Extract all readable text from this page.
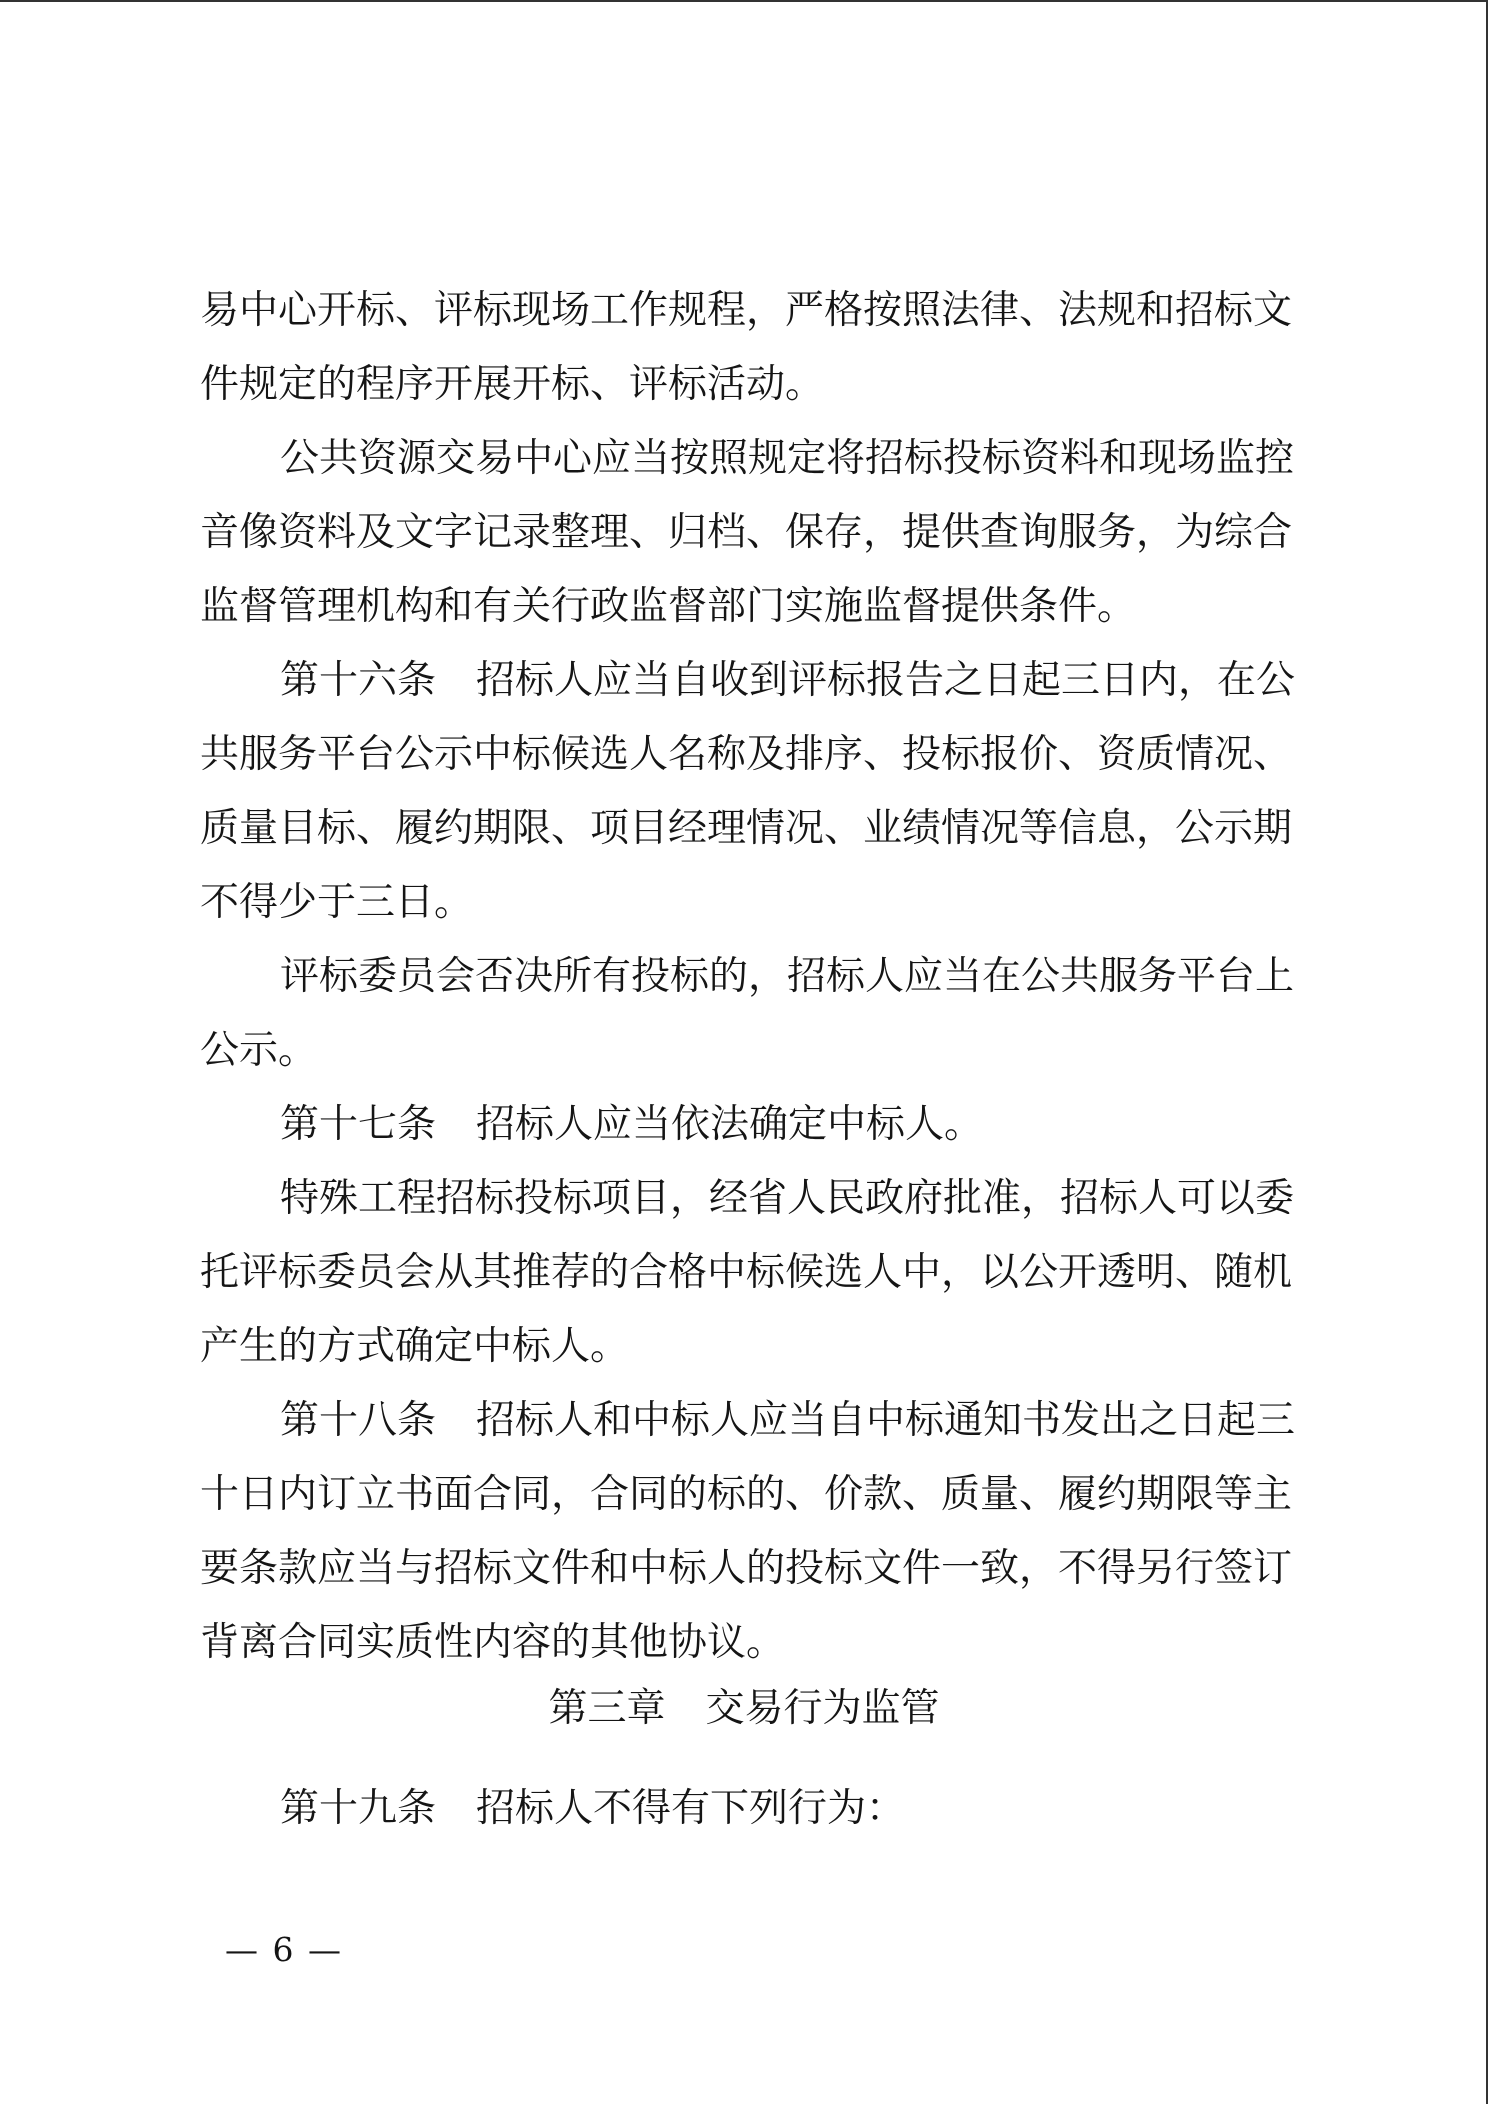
易中心开标、评标现场工作规程，严格按照法律、法规和招标文
件规定的程序开展开标、评标活动。
公共资源交易中心应当按照规定将招标投标资料和现场监控
音像资料及文字记录整理、归档、保存，提供查询服务，为综合
监督管理机构和有关行政监督部门实施监督提供条件。
第十六条 招标人应当自收到评标报告之日起三日内，在公
共服务平台公示中标候选人名称及排序、投标报价、资质情况、
质量目标、履约期限、项目经理情况、业绩情况等信息，公示期
不得少于三日。
评标委员会否决所有投标的，招标人应当在公共服务平台上
公示。
第十七条 招标人应当依法确定中标人。
特殊工程招标投标项目，经省人民政府批准，招标人可以委
托评标委员会从其推荐的合格中标候选人中，以公开透明、随机
产生的方式确定中标人。
第十八条 招标人和中标人应当自中标通知书发出之日起三
十日内订立书面合同，合同的标的、价款、质量、履约期限等主
要条款应当与招标文件和中标人的投标文件一致，不得另行签订
背离合同实质性内容的其他协议。
第三章 交易行为监管
第十九条 招标人不得有下列行为：
— 6 —
